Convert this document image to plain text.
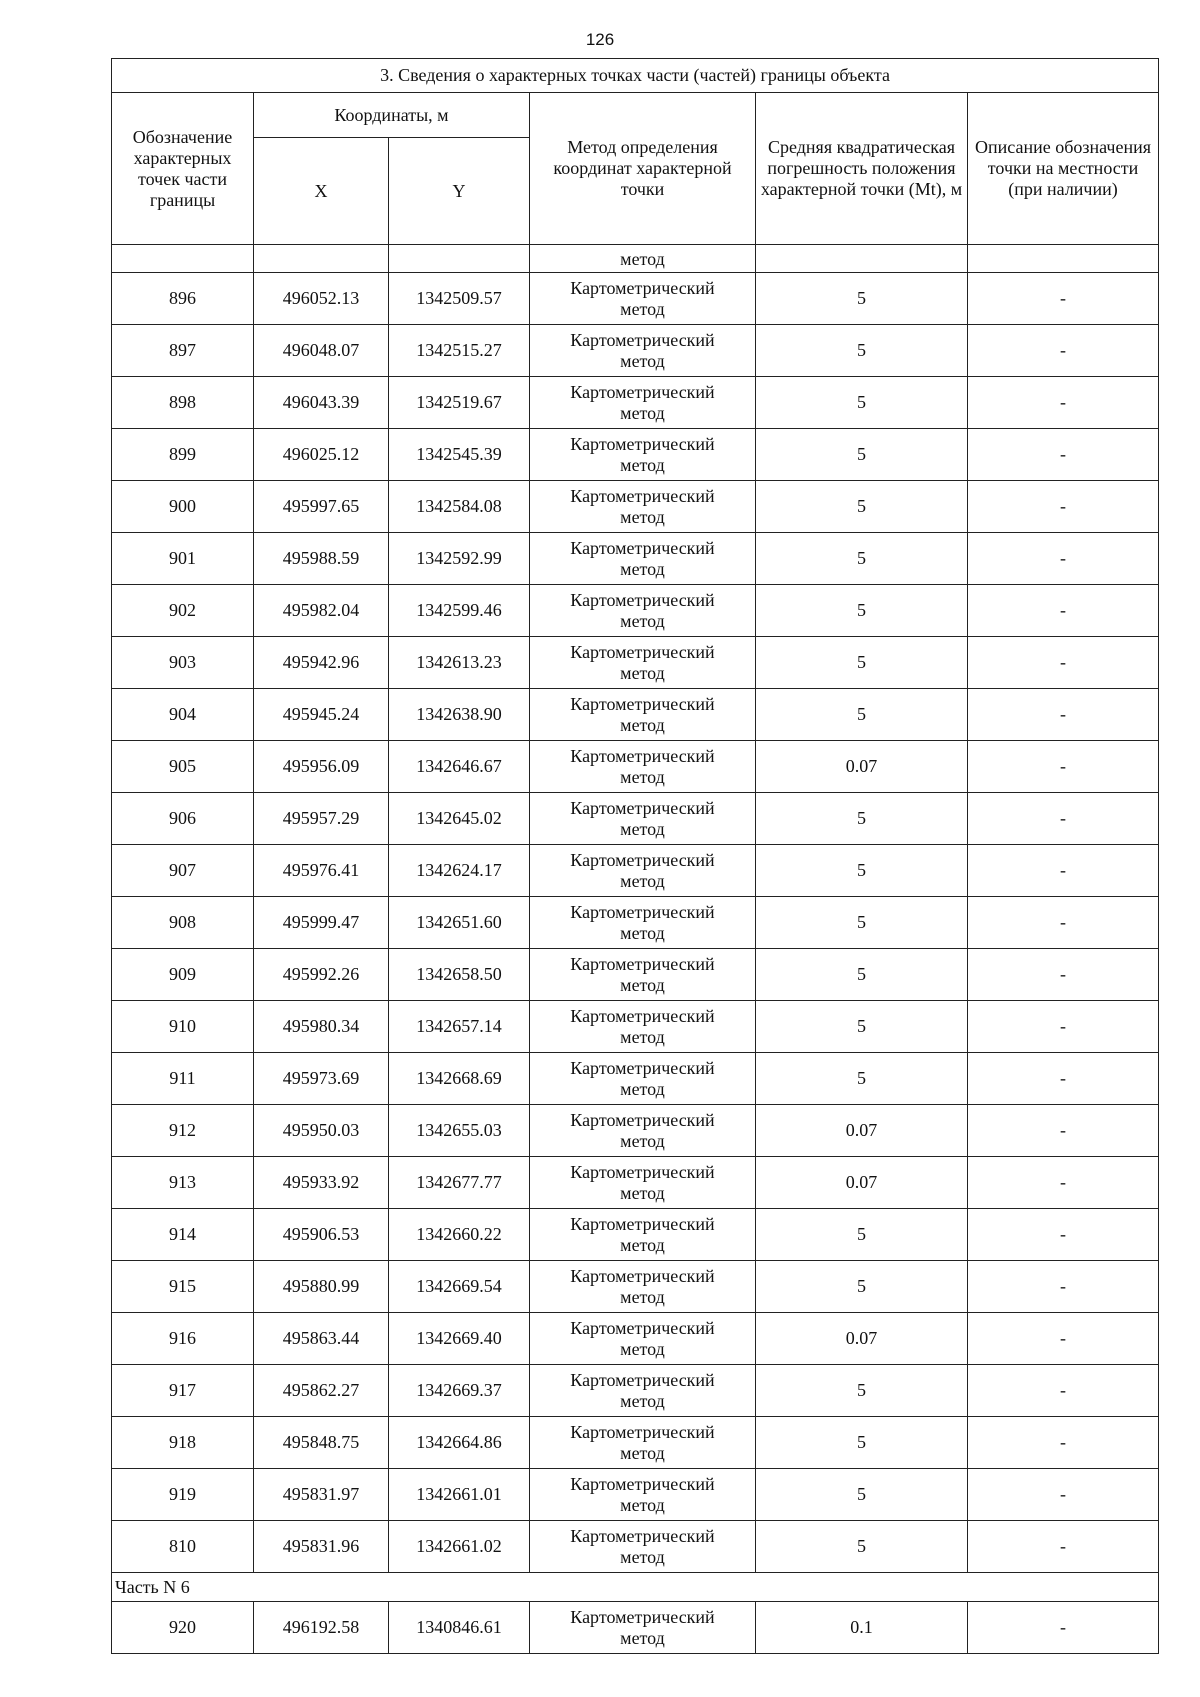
126
3. Сведения о характерных точках части (частей) границы объекта					
Обозначение характерных точек части границы	Координаты, м		Метод определения координат характерной точки	Средняя квадратическая погрешность положения характерной точки (Mt), м	Описание обозначения точки на местности (при наличии)
	X	Y			
			метод		
896	496052.13	1342509.57	Картометрический
метод	5	-
897	496048.07	1342515.27	Картометрический
метод	5	-
898	496043.39	1342519.67	Картометрический
метод	5	-
899	496025.12	1342545.39	Картометрический
метод	5	-
900	495997.65	1342584.08	Картометрический
метод	5	-
901	495988.59	1342592.99	Картометрический
метод	5	-
902	495982.04	1342599.46	Картометрический
метод	5	-
903	495942.96	1342613.23	Картометрический
метод	5	-
904	495945.24	1342638.90	Картометрический
метод	5	-
905	495956.09	1342646.67	Картометрический
метод	0.07	-
906	495957.29	1342645.02	Картометрический
метод	5	-
907	495976.41	1342624.17	Картометрический
метод	5	-
908	495999.47	1342651.60	Картометрический
метод	5	-
909	495992.26	1342658.50	Картометрический
метод	5	-
910	495980.34	1342657.14	Картометрический
метод	5	-
911	495973.69	1342668.69	Картометрический
метод	5	-
912	495950.03	1342655.03	Картометрический
метод	0.07	-
913	495933.92	1342677.77	Картометрический
метод	0.07	-
914	495906.53	1342660.22	Картометрический
метод	5	-
915	495880.99	1342669.54	Картометрический
метод	5	-
916	495863.44	1342669.40	Картометрический
метод	0.07	-
917	495862.27	1342669.37	Картометрический
метод	5	-
918	495848.75	1342664.86	Картометрический
метод	5	-
919	495831.97	1342661.01	Картометрический
метод	5	-
810	495831.96	1342661.02	Картометрический
метод	5	-
Часть N 6					
920	496192.58	1340846.61	Картометрический
метод	0.1	-
